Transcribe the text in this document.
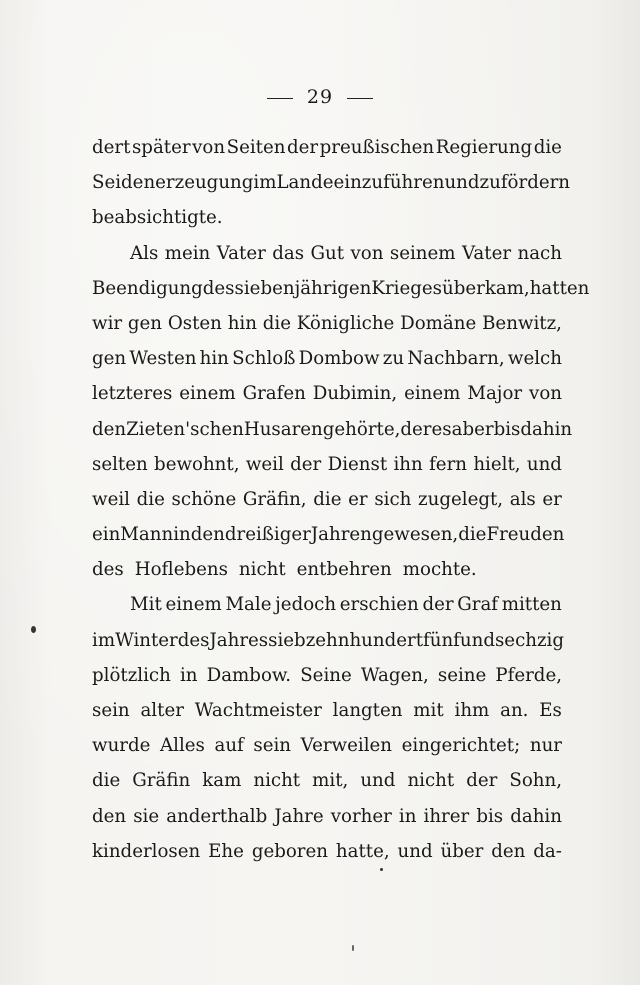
29
dert später von Seiten der preußischen Regierung die
Seidenerzeugung im Lande einzuführen und zu fördern
beabsichtigte.
Als mein Vater das Gut von seinem Vater nach
Beendigung des siebenjährigen Krieges überkam, hatten
wir gen Osten hin die Königliche Domäne Benwitz,
gen Westen hin Schloß Dombow zu Nachbarn, welch
letzteres einem Grafen Dubimin, einem Major von
den Zieten'schen Husaren gehörte, der es aber bis dahin
selten bewohnt, weil der Dienst ihn fern hielt, und
weil die schöne Gräfin, die er sich zugelegt, als er
ein Mann in den dreißiger Jahren gewesen, die Freuden
des Hoflebens nicht entbehren mochte.
Mit einem Male jedoch erschien der Graf mitten
im Winter des Jahres siebzehnhundertfünfundsechzig
plötzlich in Dambow. Seine Wagen, seine Pferde,
sein alter Wachtmeister langten mit ihm an. Es
wurde Alles auf sein Verweilen eingerichtet; nur
die Gräfin kam nicht mit, und nicht der Sohn,
den sie anderthalb Jahre vorher in ihrer bis dahin
kinderlosen Ehe geboren hatte, und über den da-
